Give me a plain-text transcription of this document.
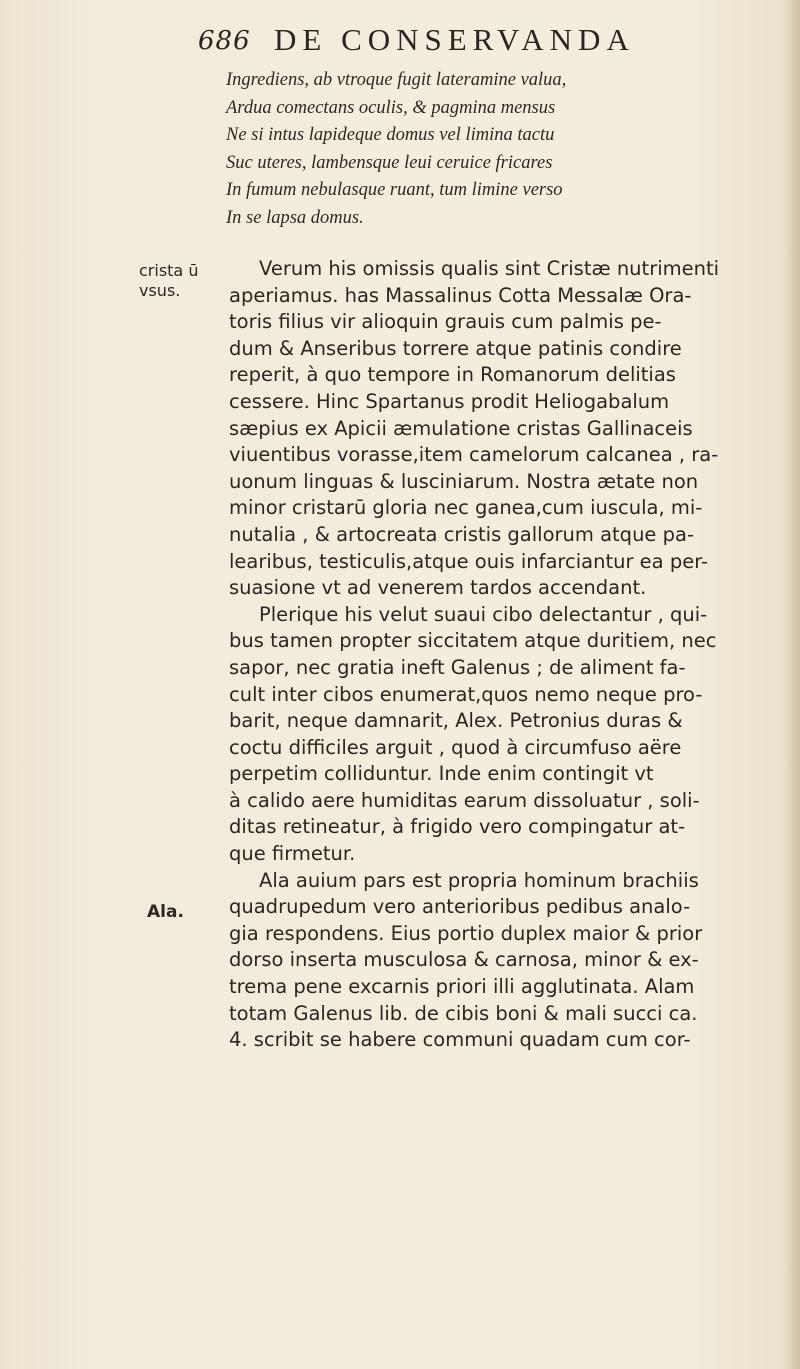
686 DE CONSERVANDA
Ingrediens, ab vtroque fugit lateramine valua,
Ardua comectans oculis, & pagmina mensus
Ne si intus lapideque domus vel limina tactu
Suc uteres, lambensque leui ceruice fricares
In fumum nebulasque ruant, tum limine verso
In se lapsa domus.
crista ū
vsus.
Ala.
Verum his omissis qualis sint Cristæ nutrimenti
aperiamus. has Massalinus Cotta Messalæ Ora-
toris filius vir alioquin grauis cum palmis pe-
dum & Anseribus torrere atque patinis condire
reperit, à quo tempore in Romanorum delitias
cessere. Hinc Spartanus prodit Heliogabalum
sæpius ex Apicii æmulatione cristas Gallinaceis
viuentibus vorasse,item camelorum calcanea , ra-
uonum linguas & lusciniarum. Nostra ætate non
minor cristarū gloria nec ganea,cum iuscula, mi-
nutalia , & artocreata cristis gallorum atque pa-
learibus, testiculis,atque ouis infarciantur ea per-
suasione vt ad venerem tardos accendant.
Plerique his velut suaui cibo delectantur , qui-
bus tamen propter siccitatem atque duritiem, nec
sapor, nec gratia ineft Galenus ; de aliment fa-
cult inter cibos enumerat,quos nemo neque pro-
barit, neque damnarit, Alex. Petronius duras &
coctu difficiles arguit , quod à circumfuso aëre
perpetim colliduntur. Inde enim contingit vt
à calido aere humiditas earum dissoluatur , soli-
ditas retineatur, à frigido vero compingatur at-
que firmetur.
Ala auium pars est propria hominum brachiis
quadrupedum vero anterioribus pedibus analo-
gia respondens. Eius portio duplex maior & prior
dorso inserta musculosa & carnosa, minor & ex-
trema pene excarnis priori illi agglutinata. Alam
totam Galenus lib. de cibis boni & mali succi ca.
4. scribit se habere communi quadam cum cor-
